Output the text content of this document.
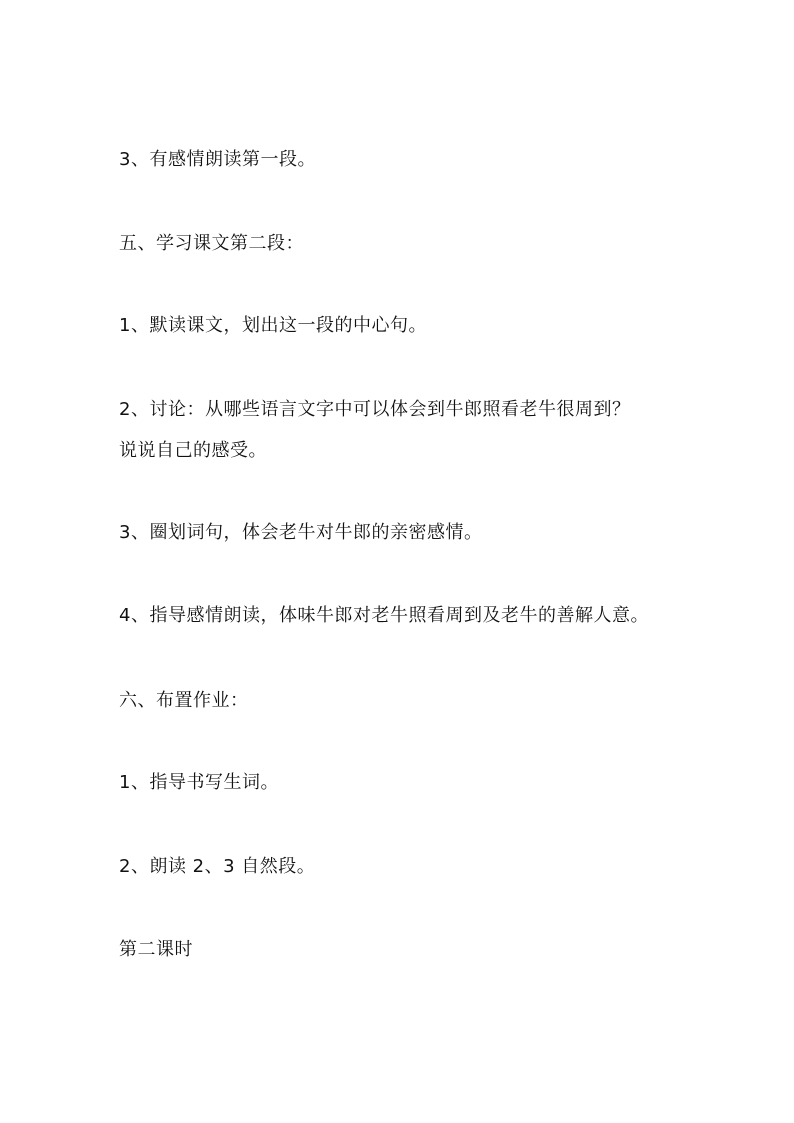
3、有感情朗读第一段。
五、学习课文第二段：
1、默读课文，划出这一段的中心句。
2、讨论：从哪些语言文字中可以体会到牛郎照看老牛很周到？
说说自己的感受。
3、圈划词句，体会老牛对牛郎的亲密感情。
4、指导感情朗读，体味牛郎对老牛照看周到及老牛的善解人意。
六、布置作业：
1、指导书写生词。
2、朗读 2、3 自然段。
第二课时
